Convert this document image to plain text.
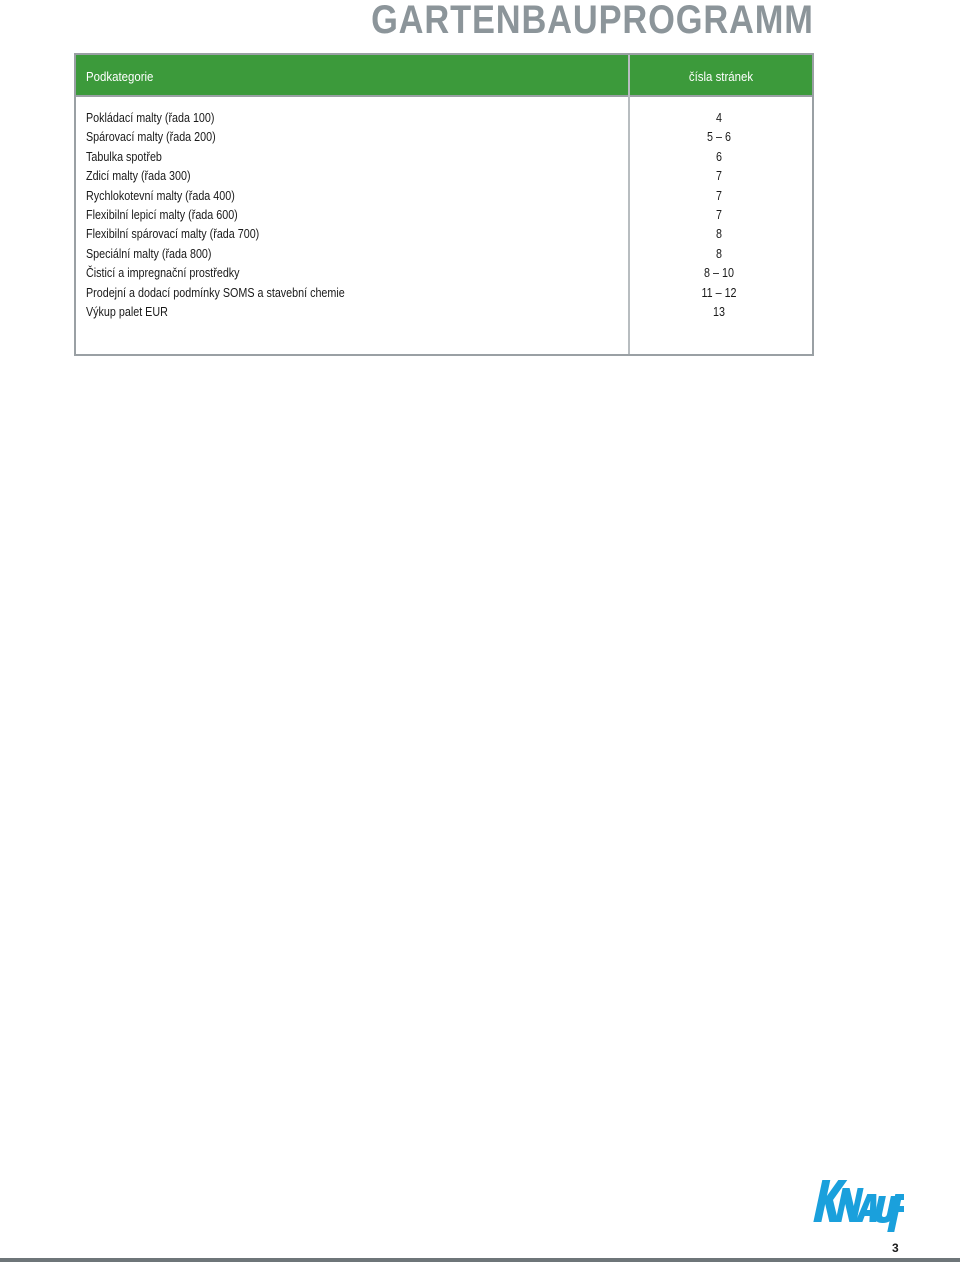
GARTENBAUPROGRAMM
Podkategorie	čísla stránek
Pokládací malty (řada 100)	4
Spárovací malty (řada 200)	5 – 6
Tabulka spotřeb	6
Zdicí malty (řada 300)	7
Rychlokotevní malty (řada 400)	7
Flexibilní lepicí malty (řada 600)	7
Flexibilní spárovací malty (řada 700)	8
Speciální malty (řada 800)	8
Čisticí a impregnační prostředky	8 – 10
Prodejní a dodací podmínky SOMS a stavební chemie	11 – 12
Výkup palet EUR	13
3
